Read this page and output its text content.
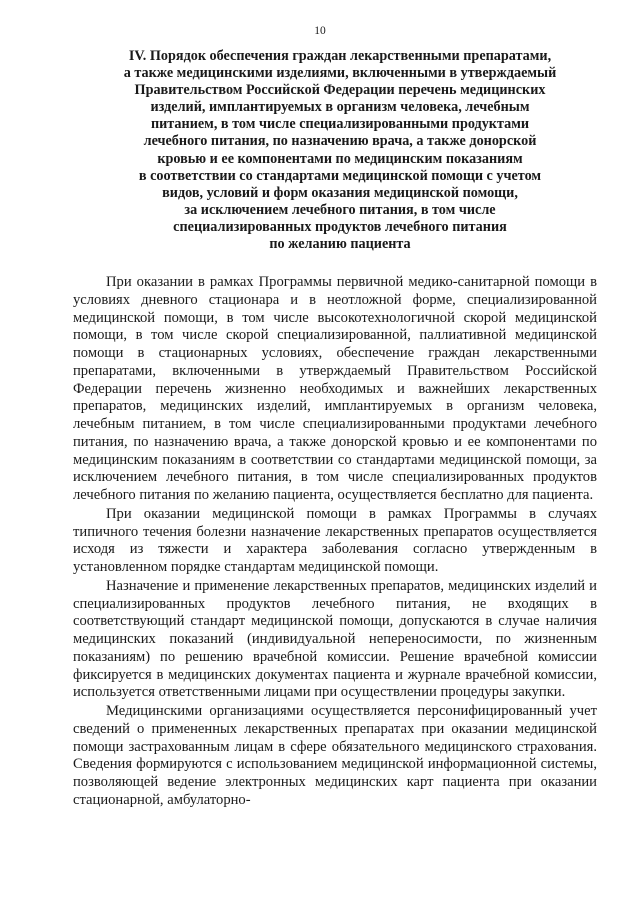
10
IV. Порядок обеспечения граждан лекарственными препаратами,
а также медицинскими изделиями, включенными в утверждаемый
Правительством Российской Федерации перечень медицинских
изделий, имплантируемых в организм человека, лечебным
питанием, в том числе специализированными продуктами
лечебного питания, по назначению врача, а также донорской
кровью и ее компонентами по медицинским показаниям
в соответствии со стандартами медицинской помощи с учетом
видов, условий и форм оказания медицинской помощи,
за исключением лечебного питания, в том числе
специализированных продуктов лечебного питания
по желанию пациента
При оказании в рамках Программы первичной медико-санитарной помощи в условиях дневного стационара и в неотложной форме, специализированной медицинской помощи, в том числе высокотехнологичной скорой медицинской помощи, в том числе скорой специализированной, паллиативной медицинской помощи в стационарных условиях, обеспечение граждан лекарственными препаратами, включенными в утверждаемый Правительством Российской Федерации перечень жизненно необходимых и важнейших лекарственных препаратов, медицинских изделий, имплантируемых в организм человека, лечебным питанием, в том числе специализированными продуктами лечебного питания, по назначению врача, а также донорской кровью и ее компонентами по медицинским показаниям в соответствии со стандартами медицинской помощи, за исключением лечебного питания, в том числе специализированных продуктов лечебного питания по желанию пациента, осуществляется бесплатно для пациента.
При оказании медицинской помощи в рамках Программы в случаях типичного течения болезни назначение лекарственных препаратов осуществляется исходя из тяжести и характера заболевания согласно утвержденным в установленном порядке стандартам медицинской помощи.
Назначение и применение лекарственных препаратов, медицинских изделий и специализированных продуктов лечебного питания, не входящих в соответствующий стандарт медицинской помощи, допускаются в случае наличия медицинских показаний (индивидуальной непереносимости, по жизненным показаниям) по решению врачебной комиссии. Решение врачебной комиссии фиксируется в медицинских документах пациента и журнале врачебной комиссии, используется ответственными лицами при осуществлении процедуры закупки.
Медицинскими организациями осуществляется персонифицированный учет сведений о примененных лекарственных препаратах при оказании медицинской помощи застрахованным лицам в сфере обязательного медицинского страхования. Сведения формируются с использованием медицинской информационной системы, позволяющей ведение электронных медицинских карт пациента при оказании стационарной, амбулаторно-
